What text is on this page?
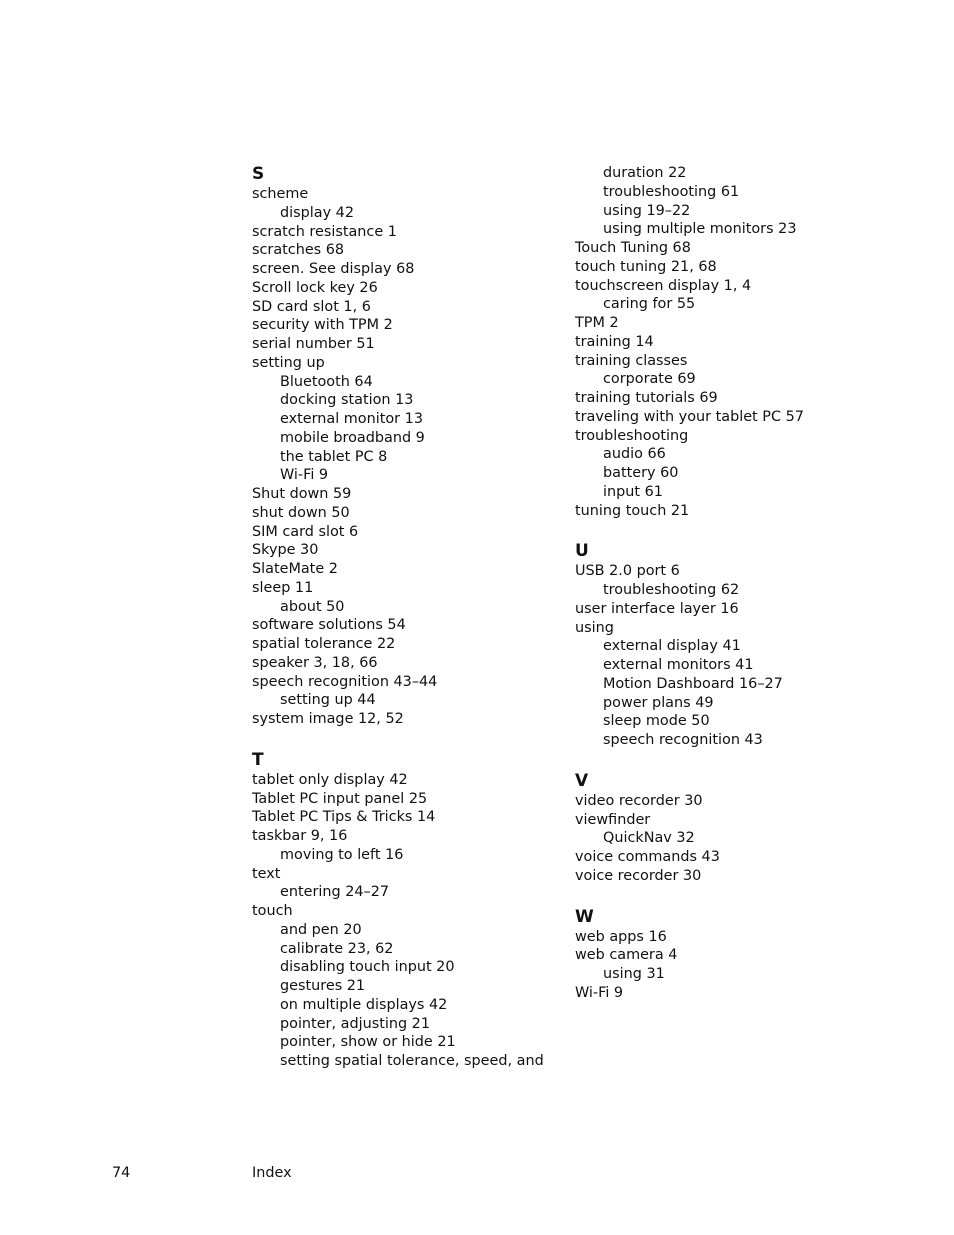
S
scheme
display 42
scratch resistance 1
scratches 68
screen. See display 68
Scroll lock key 26
SD card slot 1, 6
security with TPM 2
serial number 51
setting up
Bluetooth 64
docking station 13
external monitor 13
mobile broadband 9
the tablet PC 8
Wi-Fi 9
Shut down 59
shut down 50
SIM card slot 6
Skype 30
SlateMate 2
sleep 11
about 50
software solutions 54
spatial tolerance 22
speaker 3, 18, 66
speech recognition 43–44
setting up 44
system image 12, 52
T
tablet only display 42
Tablet PC input panel 25
Tablet PC Tips & Tricks 14
taskbar 9, 16
moving to left 16
text
entering 24–27
touch
and pen 20
calibrate 23, 62
disabling touch input 20
gestures 21
on multiple displays 42
pointer, adjusting 21
pointer, show or hide 21
setting spatial tolerance, speed, and
duration 22
troubleshooting 61
using 19–22
using multiple monitors 23
Touch Tuning 68
touch tuning 21, 68
touchscreen display 1, 4
caring for 55
TPM 2
training 14
training classes
corporate 69
training tutorials 69
traveling with your tablet PC 57
troubleshooting
audio 66
battery 60
input 61
tuning touch 21
U
USB 2.0 port 6
troubleshooting 62
user interface layer 16
using
external display 41
external monitors 41
Motion Dashboard 16–27
power plans 49
sleep mode 50
speech recognition 43
V
video recorder 30
viewfinder
QuickNav 32
voice commands 43
voice recorder 30
W
web apps 16
web camera 4
using 31
Wi-Fi 9
74	Index
